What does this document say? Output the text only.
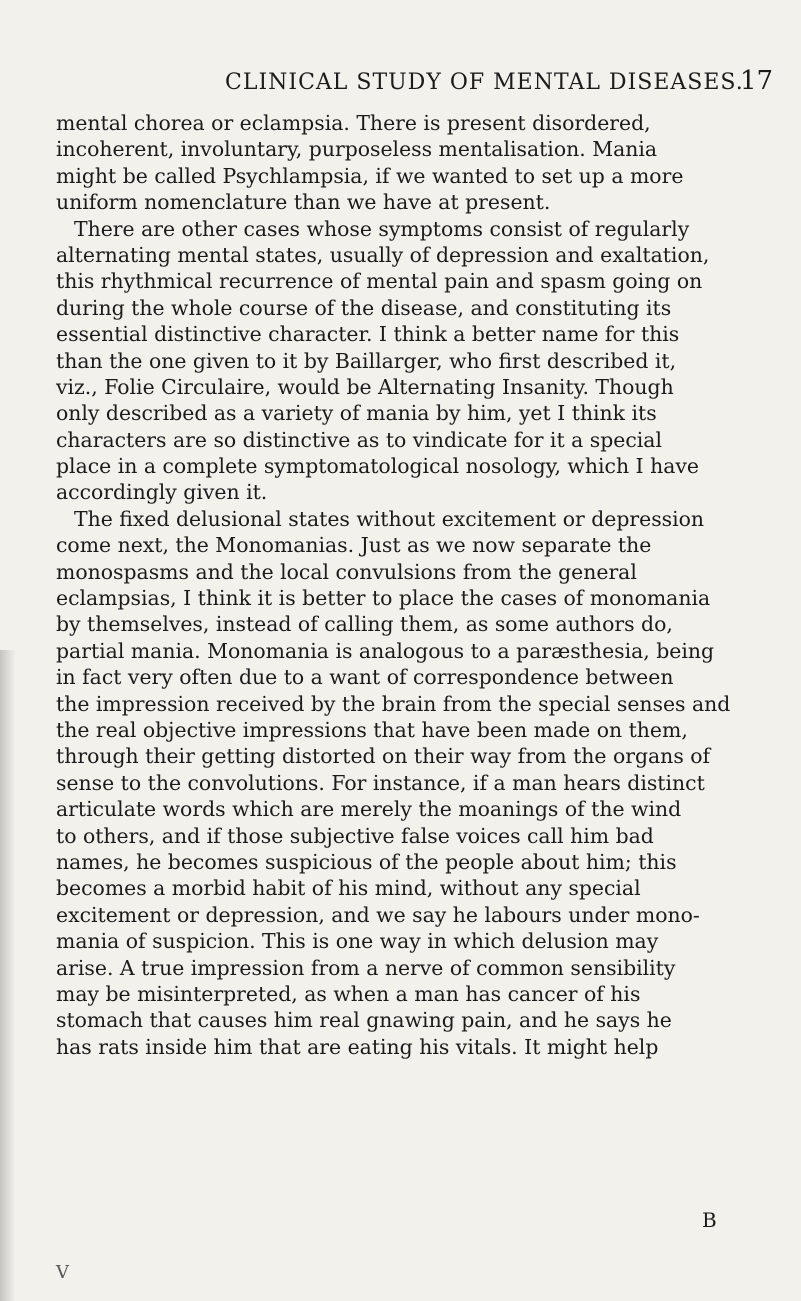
CLINICAL STUDY OF MENTAL DISEASES.
17
mental chorea or eclampsia. There is present disordered,
incoherent, involuntary, purposeless mentalisation. Mania
might be called Psychlampsia, if we wanted to set up a more
uniform nomenclature than we have at present.
There are other cases whose symptoms consist of regularly
alternating mental states, usually of depression and exaltation,
this rhythmical recurrence of mental pain and spasm going on
during the whole course of the disease, and constituting its
essential distinctive character. I think a better name for this
than the one given to it by Baillarger, who first described it,
viz., Folie Circulaire, would be Alternating Insanity. Though
only described as a variety of mania by him, yet I think its
characters are so distinctive as to vindicate for it a special
place in a complete symptomatological nosology, which I have
accordingly given it.
The fixed delusional states without excitement or depression
come next, the Monomanias. Just as we now separate the
monospasms and the local convulsions from the general
eclampsias, I think it is better to place the cases of monomania
by themselves, instead of calling them, as some authors do,
partial mania. Monomania is analogous to a paræsthesia, being
in fact very often due to a want of correspondence between
the impression received by the brain from the special senses and
the real objective impressions that have been made on them,
through their getting distorted on their way from the organs of
sense to the convolutions. For instance, if a man hears distinct
articulate words which are merely the moanings of the wind
to others, and if those subjective false voices call him bad
names, he becomes suspicious of the people about him; this
becomes a morbid habit of his mind, without any special
excitement or depression, and we say he labours under mono-
mania of suspicion. This is one way in which delusion may
arise. A true impression from a nerve of common sensibility
may be misinterpreted, as when a man has cancer of his
stomach that causes him real gnawing pain, and he says he
has rats inside him that are eating his vitals. It might help
B
V
